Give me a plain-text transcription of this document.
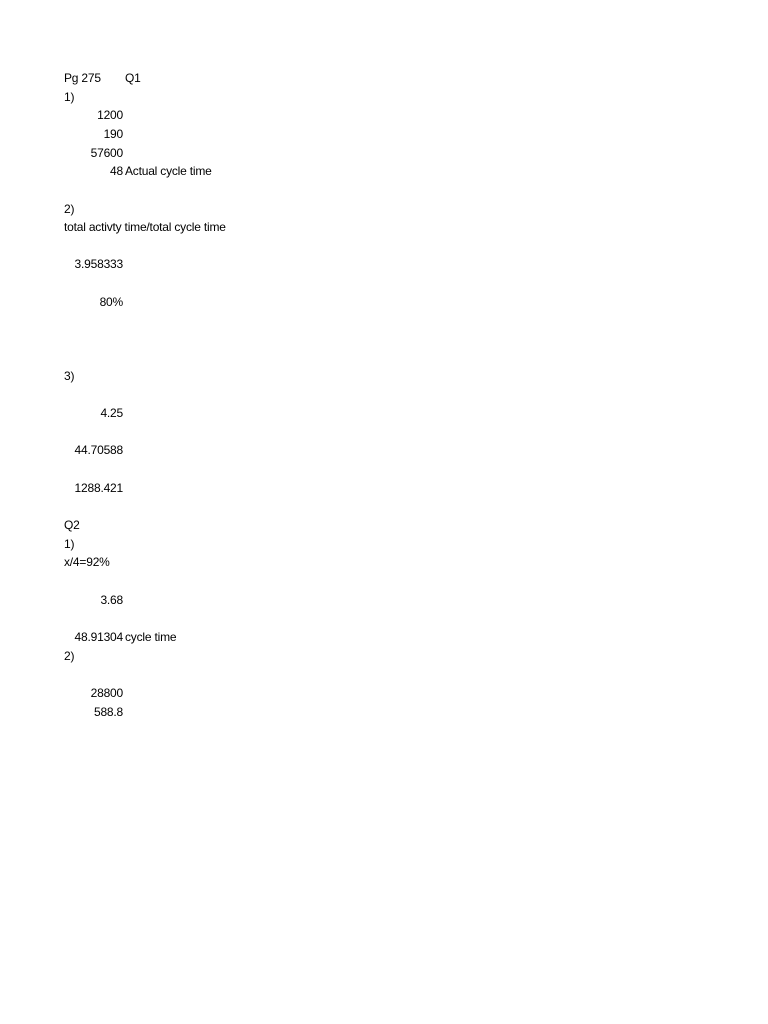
Pg 275 Q1
1)
1200
190
57600
48 Actual cycle time
2)
total activty time/total cycle time
3.958333
80%
3)
4.25
44.70588
1288.421
Q2
1)
x/4=92%
3.68
48.91304 cycle time
2)
28800
588.8
